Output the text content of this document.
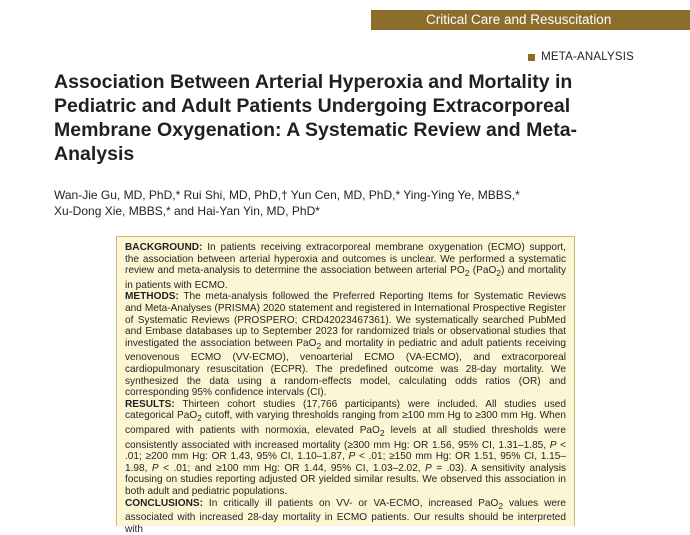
Critical Care and Resuscitation
META-ANALYSIS
Association Between Arterial Hyperoxia and Mortality in Pediatric and Adult Patients Undergoing Extracorporeal Membrane Oxygenation: A Systematic Review and Meta-Analysis
Wan-Jie Gu, MD, PhD,* Rui Shi, MD, PhD,† Yun Cen, MD, PhD,* Ying-Ying Ye, MBBS,*
Xu-Dong Xie, MBBS,* and Hai-Yan Yin, MD, PhD*

BACKGROUND: In patients receiving extracorporeal membrane oxygenation (ECMO) support, the association between arterial hyperoxia and outcomes is unclear. We performed a systematic review and meta-analysis to determine the association between arterial $PO_2$ (PaO$_2$) and mortality in patients with ECMO.

METHODS: The meta-analysis followed the Preferred Reporting Items for Systematic Reviews and Meta-Analyses (PRISMA) 2020 statement and registered in International Prospective Register of Systematic Reviews (PROSPERO; CRD42023467361). We systematically searched PubMed and Embase databases up to September 2023 for randomized trials or observational studies that investigated the association between PaO$_2$ and mortality in pediatric and adult patients receiving venovenous ECMO (VV-ECMO), venoarterial ECMO (VA-ECMO), and extracorporeal cardiopulmonary resuscitation (ECPR). The predefined outcome was 28-day mortality. We synthesized the data using a random-effects model, calculating odds ratios (OR) and corresponding 95% confidence intervals (CI).

RESULTS: Thirteen cohort studies (17,766 participants) were included. All studies used categorical PaO$_2$ cutoff, with varying thresholds ranging from ≥100 mm Hg to ≥300 mm Hg. When compared with patients with normoxia, elevated PaO$_2$ levels at all studied thresholds were consistently associated with increased mortality (≥300 mm Hg: OR 1.56, 95% CI, 1.31–1.85, P < .01; ≥200 mm Hg: OR 1.43, 95% CI, 1.10–1.87, P < .01; ≥150 mm Hg: OR 1.51, 95% CI, 1.15–1.98, P < .01; and ≥100 mm Hg: OR 1.44, 95% CI, 1.03–2.02, P = .03). A sensitivity analysis focusing on studies reporting adjusted OR yielded similar results. We observed this association in both adult and pediatric populations.

CONCLUSIONS: In critically ill patients on VV- or VA-ECMO, increased PaO$_2$ values were associated with increased 28-day mortality in ECMO patients. Our results should be interpreted with
